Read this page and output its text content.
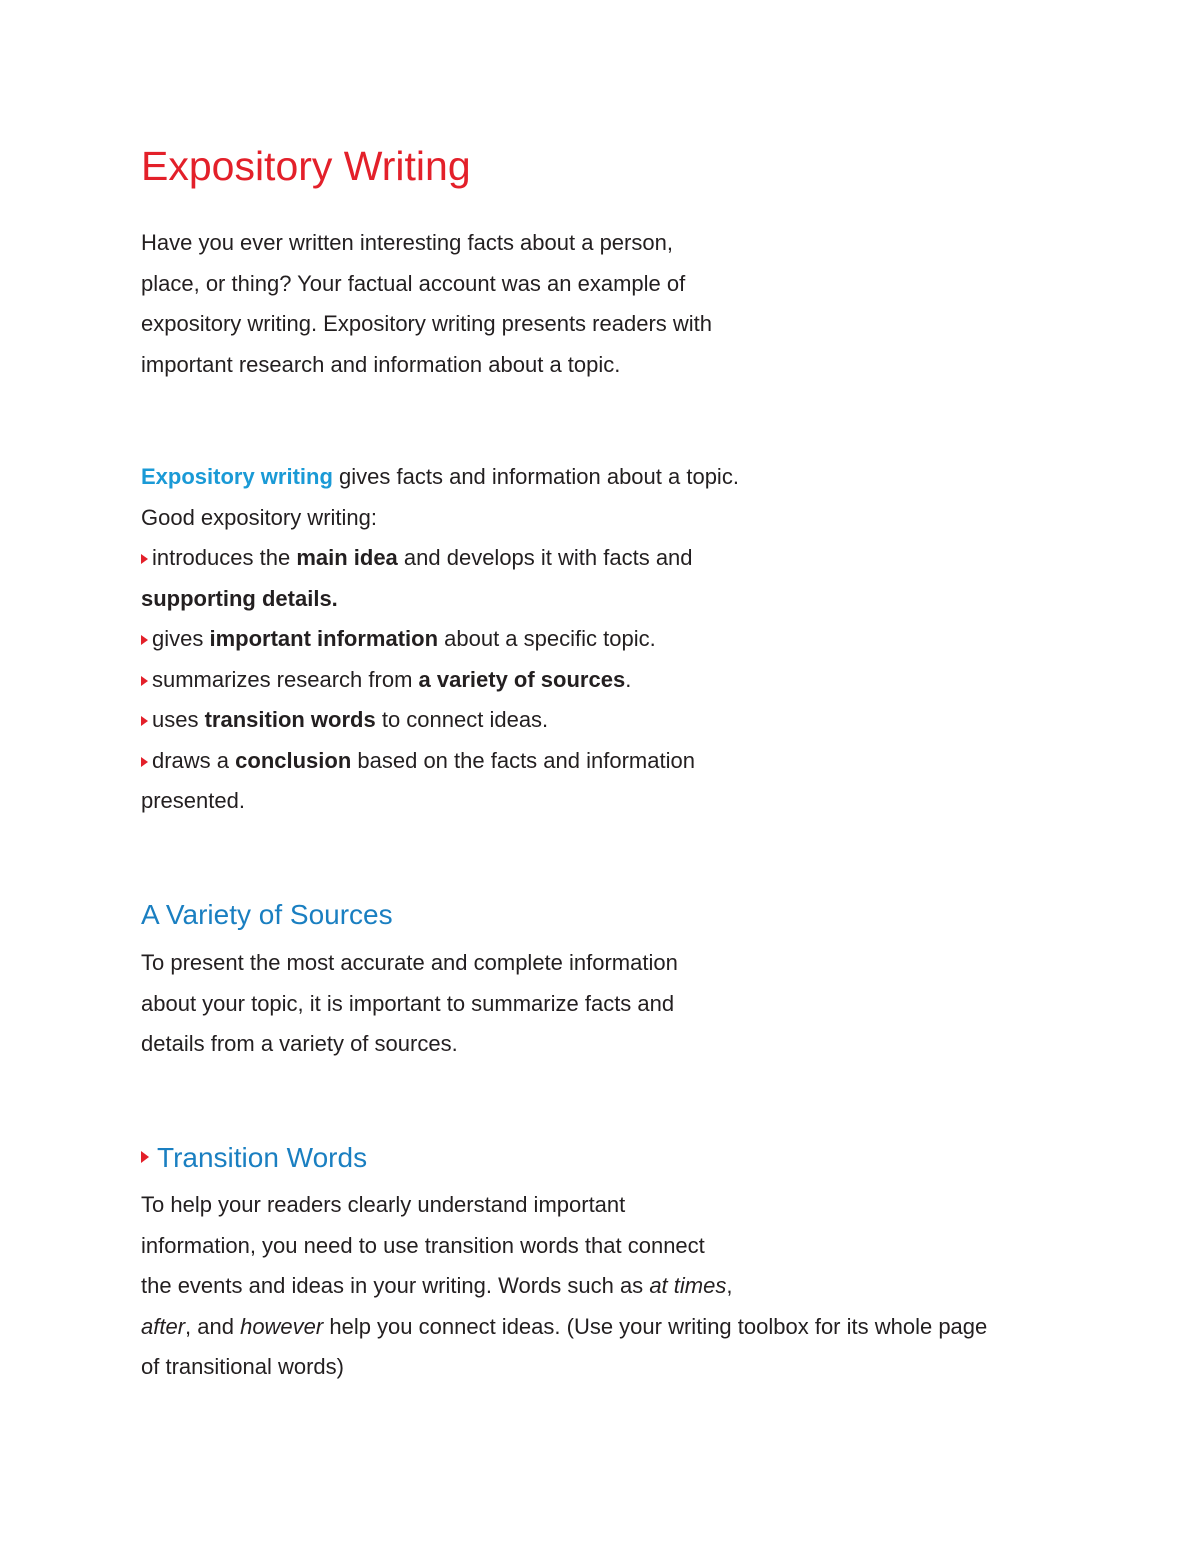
Expository Writing

Have you ever written interesting facts about a person,
place, or thing? Your factual account was an example of
expository writing. Expository writing presents readers with
important research and information about a topic.

Expository writing gives facts and information about a topic.
Good expository writing:
introduces the main idea and develops it with facts and
supporting details.
gives important information about a specific topic.
summarizes research from a variety of sources.
uses transition words to connect ideas.
draws a conclusion based on the facts and information
presented.

A Variety of Sources

To present the most accurate and complete information
about your topic, it is important to summarize facts and
details from a variety of sources.

Transition Words

To help your readers clearly understand important
information, you need to use transition words that connect
the events and ideas in your writing. Words such as at times,
after, and however help you connect ideas. (Use your writing toolbox for its whole page
of transitional words)
